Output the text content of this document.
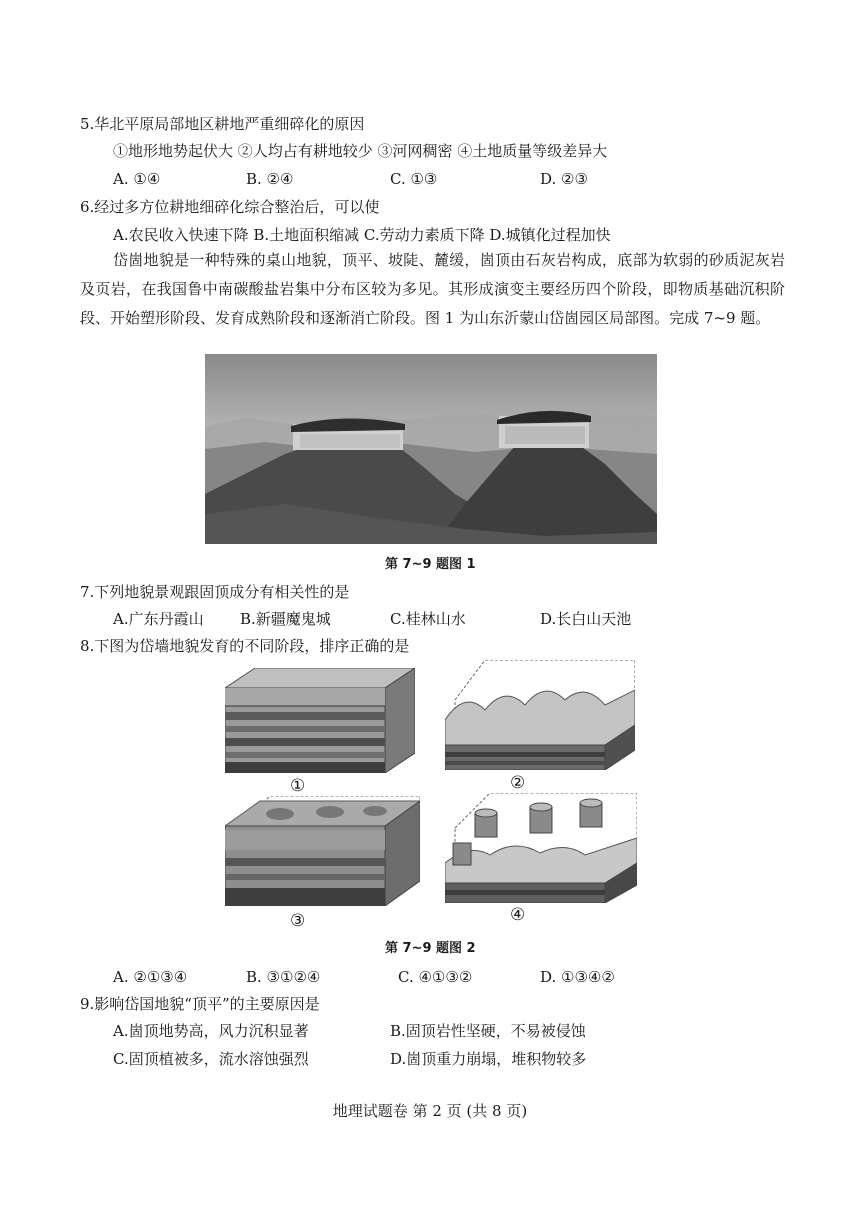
5.华北平原局部地区耕地严重细碎化的原因
①地形地势起伏大 ②人均占有耕地较少 ③河网稠密 ④土地质量等级差异大
A. ①④	B. ②④	C. ①③	D. ②③
6.经过多方位耕地细碎化综合整治后，可以使
A.农民收入快速下降 B.土地面积缩减 C.劳动力素质下降 D.城镇化过程加快
岱崮地貌是一种特殊的桌山地貌，顶平、坡陡、麓缓，崮顶由石灰岩构成，底部为软弱的砂质泥灰岩及页岩，在我国鲁中南碳酸盐岩集中分布区较为多见。其形成演变主要经历四个阶段，即物质基础沉积阶段、开始塑形阶段、发育成熟阶段和逐渐消亡阶段。图 1 为山东沂蒙山岱崮园区局部图。完成 7~9 题。
第 7~9 题图 1
7.下列地貌景观跟固顶成分有相关性的是
A.广东丹霞山 B.新疆魔鬼城	C.桂林山水	D.长白山天池
8.下图为岱墙地貌发育的不同阶段，排序正确的是
①	②
③	④
第 7~9 题图 2
A. ②①③④	B. ③①②④	C. ④①③②	D. ①③④②
9.影响岱国地貌“顶平”的主要原因是
A.崮顶地势高，风力沉积显著	B.固顶岩性坚硬，不易被侵蚀
C.固顶植被多，流水溶蚀强烈	D.崮顶重力崩塌，堆积物较多
地理试题卷 第 2 页 (共 8 页)
